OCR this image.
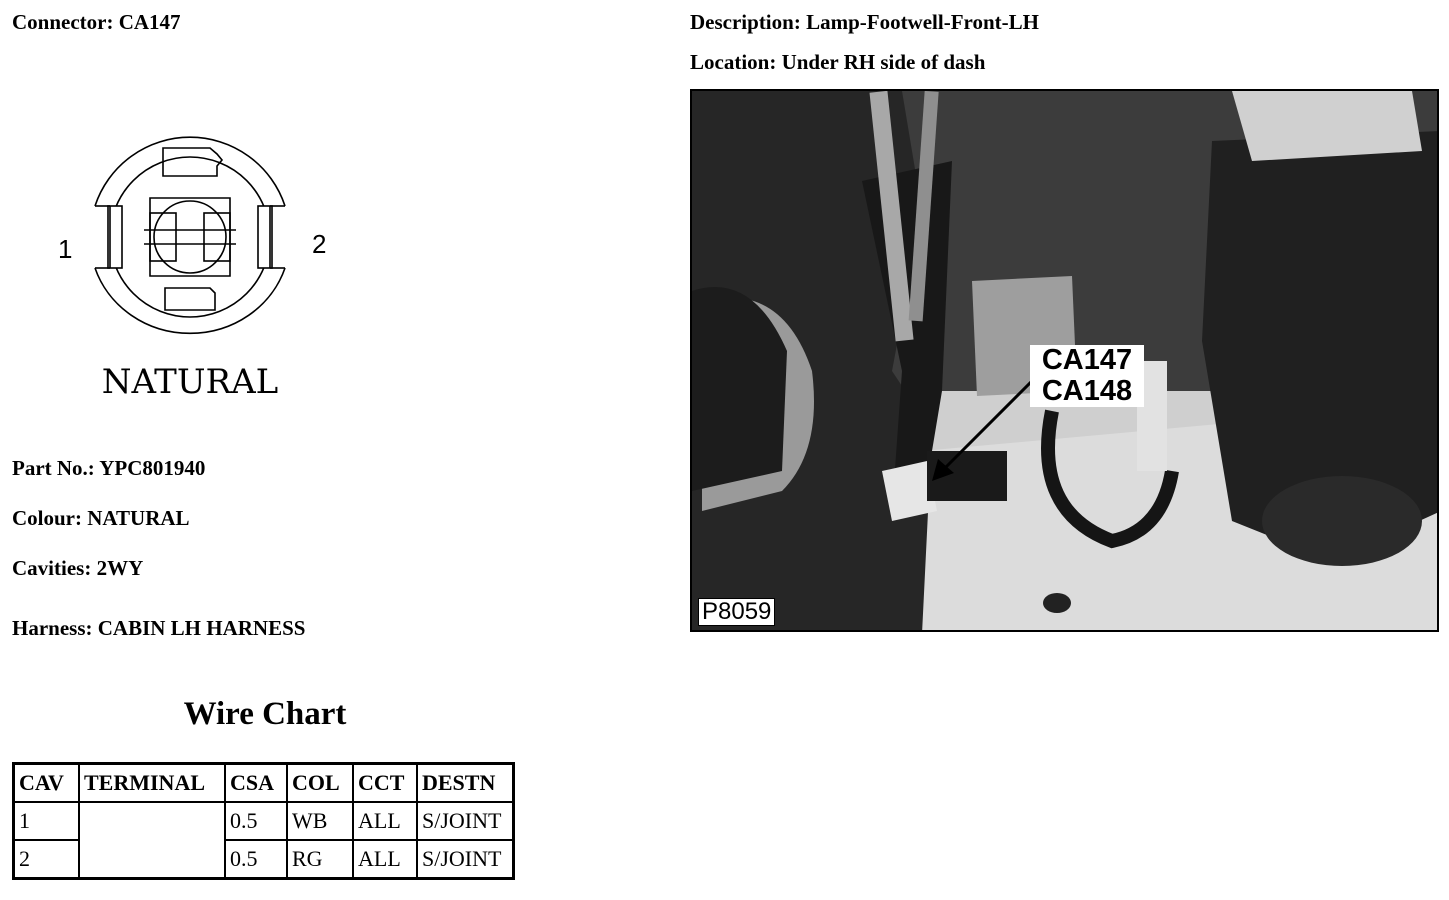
Connector: CA147	Description: Lamp-Footwell-Front-LH
Location: Under RH side of dash
1	2
NATURAL
Part No.: YPC801940
Colour: NATURAL
Cavities: 2WY
Harness: CABIN LH HARNESS
Wire Chart
CAV	TERMINAL	CSA	COL	CCT	DESTN
1		0.5	WB	ALL	S/JOINT
2		0.5	RG	ALL	S/JOINT
CA147
CA148
P8059
